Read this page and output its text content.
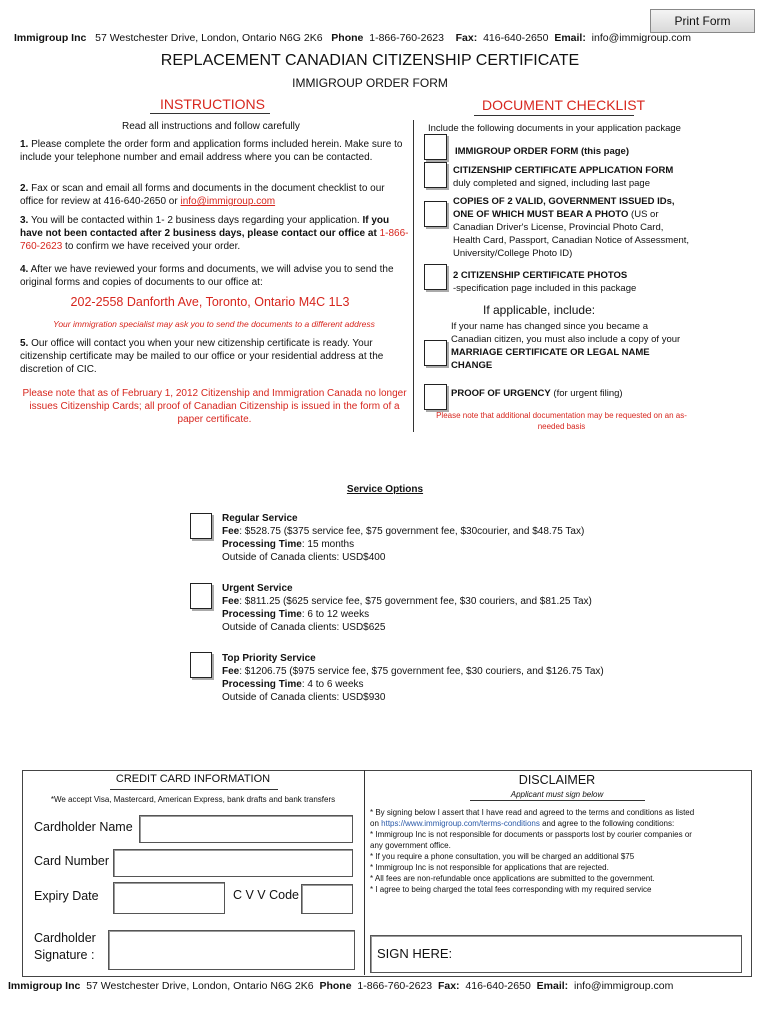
Print Form
Immigroup Inc 57 Westchester Drive, London, Ontario N6G 2K6 Phone 1-866-760-2623 Fax: 416-640-2650 Email: info@immigroup.com
REPLACEMENT CANADIAN CITIZENSHIP CERTIFICATE
IMMIGROUP ORDER FORM
INSTRUCTIONS	DOCUMENT CHECKLIST
Read all instructions and follow carefully
1. Please complete the order form and application forms included herein. Make sure to include your telephone number and email address where you can be contacted.
2. Fax or scan and email all forms and documents in the document checklist to our office for review at 416-640-2650 or info@immigroup.com
3. You will be contacted within 1- 2 business days regarding your application. If you have not been contacted after 2 business days, please contact our office at 1-866-760-2623 to confirm we have received your order.
4. After we have reviewed your forms and documents, we will advise you to send the original forms and copies of documents to our office at:
202-2558 Danforth Ave, Toronto, Ontario M4C 1L3
Your immigration specialist may ask you to send the documents to a different address
5. Our office will contact you when your new citizenship certificate is ready. Your citizenship certificate may be mailed to our office or your residential address at the discretion of CIC.
Please note that as of February 1, 2012 Citizenship and Immigration Canada no longer issues Citizenship Cards; all proof of Canadian Citizenship is issued in the form of a paper certificate.
Include the following documents in your application package
IMMIGROUP ORDER FORM (this page)
CITIZENSHIP CERTIFICATE APPLICATION FORM
duly completed and signed, including last page
COPIES OF 2 VALID, GOVERNMENT ISSUED IDs, ONE OF WHICH MUST BEAR A PHOTO (US or Canadian Driver's License, Provincial Photo Card, Health Card, Passport, Canadian Notice of Assessment, University/College Photo ID)
2 CITIZENSHIP CERTIFICATE PHOTOS
-specification page included in this package
If applicable, include:
If your name has changed since you became a Canadian citizen, you must also include a copy of your MARRIAGE CERTIFICATE OR LEGAL NAME CHANGE
PROOF OF URGENCY (for urgent filing)
Please note that additional documentation may be requested on an as-needed basis
Service Options
Regular Service
Fee: $528.75 ($375 service fee, $75 government fee, $30courier, and $48.75 Tax)
Processing Time: 15 months
Outside of Canada clients: USD$400
Urgent Service
Fee: $811.25 ($625 service fee, $75 government fee, $30 couriers, and $81.25 Tax)
Processing Time: 6 to 12 weeks
Outside of Canada clients: USD$625
Top Priority Service
Fee: $1206.75 ($975 service fee, $75 government fee, $30 couriers, and $126.75 Tax)
Processing Time: 4 to 6 weeks
Outside of Canada clients: USD$930
CREDIT CARD INFORMATION
*We accept Visa, Mastercard, American Express, bank drafts and bank transfers
Cardholder Name
Card Number
Expiry Date	C V V Code
Cardholder
Signature :
DISCLAIMER
Applicant must sign below
* By signing below I assert that I have read and agreed to the terms and conditions as listed on https://www.immigroup.com/terms-conditions and agree to the following conditions:
* Immigroup Inc is not responsible for documents or passports lost by courier companies or any government office.
* If you require a phone consultation, you will be charged an additional $75
* Immigroup Inc is not responsible for applications that are rejected.
* All fees are non-refundable once applications are submitted to the government.
* I agree to being charged the total fees corresponding with my required service
SIGN HERE:
Immigroup Inc 57 Westchester Drive, London, Ontario N6G 2K6 Phone 1-866-760-2623 Fax: 416-640-2650 Email: info@immigroup.com
